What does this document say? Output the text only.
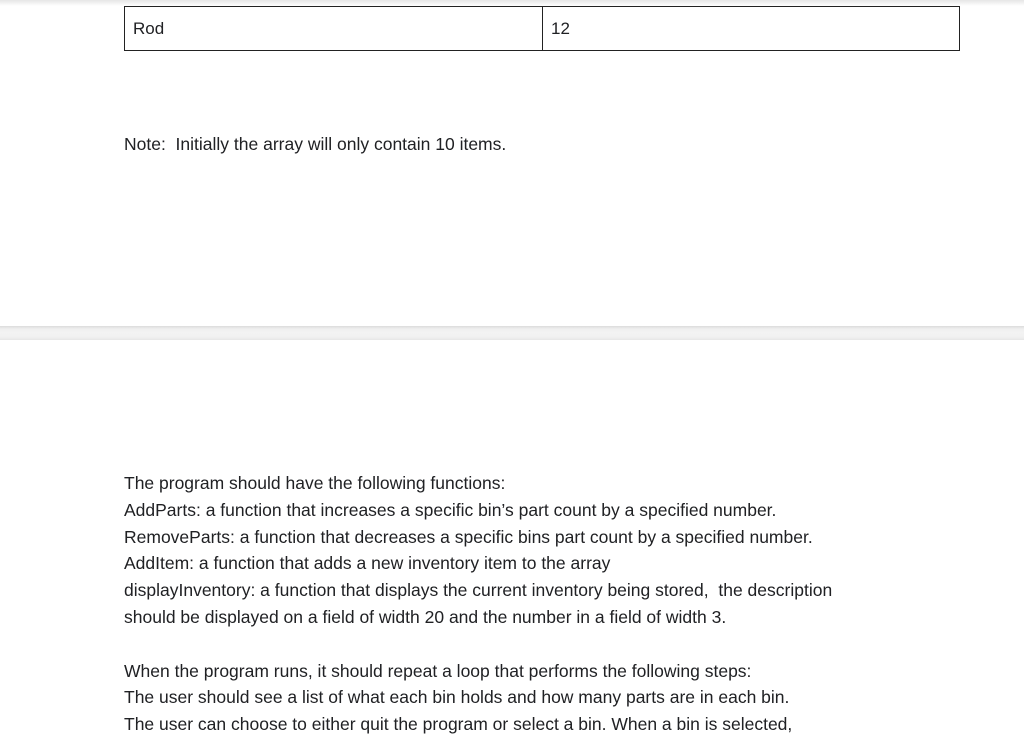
Rod	12
Note:  Initially the array will only contain 10 items.
The program should have the following functions:
AddParts: a function that increases a specific bin’s part count by a specified number.
RemoveParts: a function that decreases a specific bins part count by a specified number.
AddItem: a function that adds a new inventory item to the array
displayInventory: a function that displays the current inventory being stored,  the description
should be displayed on a field of width 20 and the number in a field of width 3.
When the program runs, it should repeat a loop that performs the following steps:
The user should see a list of what each bin holds and how many parts are in each bin.
The user can choose to either quit the program or select a bin. When a bin is selected,
